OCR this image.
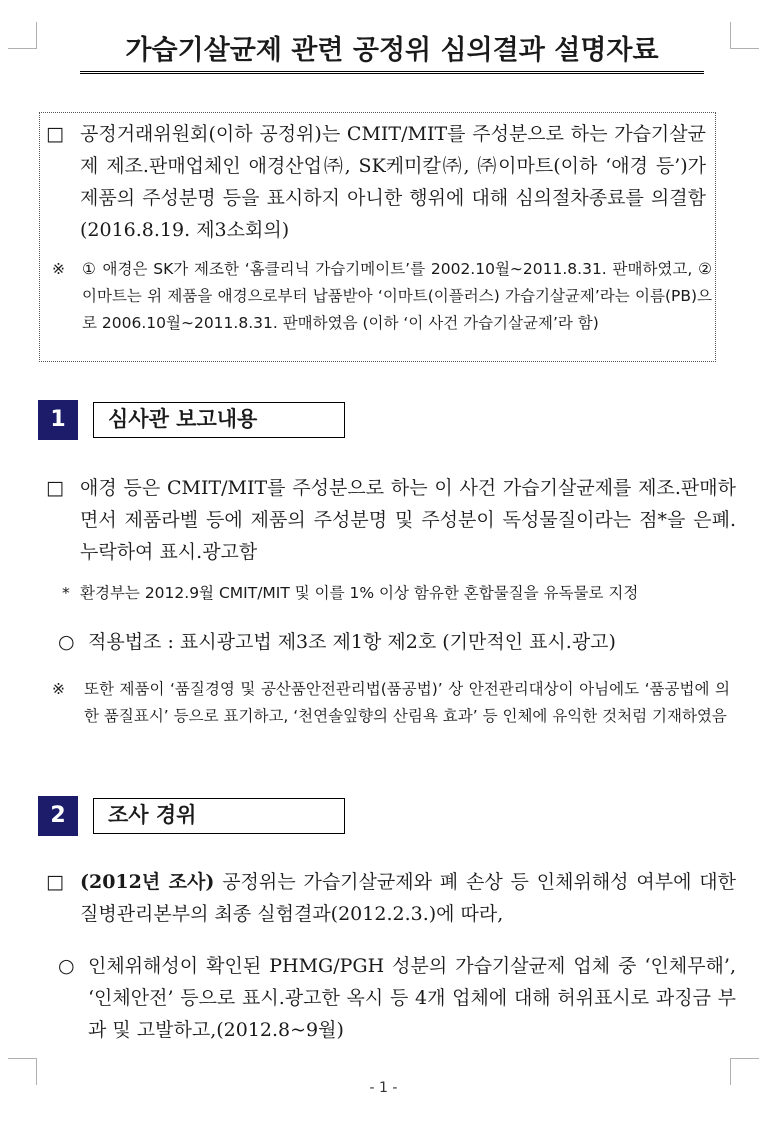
가습기살균제 관련 공정위 심의결과 설명자료
□ 공정거래위원회(이하 공정위)는 CMIT/MIT를 주성분으로 하는 가습기살균제 제조.판매업체인 애경산업㈜, SK케미칼㈜, ㈜이마트(이하 ‘애경 등’)가 제품의 주성분명 등을 표시하지 아니한 행위에 대해 심의절차종료를 의결함 (2016.8.19. 제3소회의)
※ ① 애경은 SK가 제조한 ‘홈클리닉 가습기메이트’를 2002.10월∼2011.8.31. 판매하였고, ② 이마트는 위 제품을 애경으로부터 납품받아 ‘이마트(이플러스) 가습기살균제’라는 이름(PB)으로 2006.10월∼2011.8.31. 판매하였음 (이하 ‘이 사건 가습기살균제’라 함)
1	심사관 보고내용
□ 애경 등은 CMIT/MIT를 주성분으로 하는 이 사건 가습기살균제를 제조.판매하면서 제품라벨 등에 제품의 주성분명 및 주성분이 독성물질이라는 점*을 은폐.누락하여 표시.광고함
* 환경부는 2012.9월 CMIT/MIT 및 이를 1% 이상 함유한 혼합물질을 유독물로 지정
○ 적용법조 : 표시광고법 제3조 제1항 제2호 (기만적인 표시.광고)
※ 또한 제품이 ‘품질경영 및 공산품안전관리법(품공법)’ 상 안전관리대상이 아님에도 ‘품공법에 의한 품질표시’ 등으로 표기하고, ‘천연솔잎향의 산림욕 효과’ 등 인체에 유익한 것처럼 기재하였음
2	조사 경위
□ (2012년 조사) 공정위는 가습기살균제와 폐 손상 등 인체위해성 여부에 대한 질병관리본부의 최종 실험결과(2012.2.3.)에 따라,
○ 인체위해성이 확인된 PHMG/PGH 성분의 가습기살균제 업체 중 ‘인체무해’, ‘인체안전’ 등으로 표시.광고한 옥시 등 4개 업체에 대해 허위표시로 과징금 부과 및 고발하고,(2012.8~9월)
- 1 -
